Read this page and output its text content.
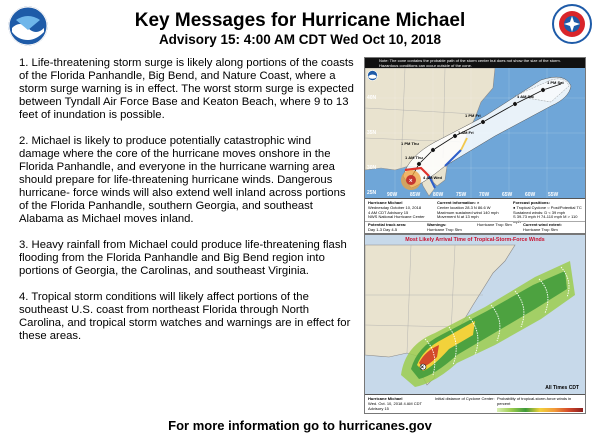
Key Messages for Hurricane Michael
Advisory 15: 4:00 AM CDT Wed Oct 10, 2018

1. Life-threatening storm surge is likely along portions of the coasts of the Florida Panhandle, Big Bend, and Nature Coast, where a storm surge warning is in effect. The worst storm surge is expected between Tyndall Air Force Base and Keaton Beach, where 9 to 13 feet of inundation is possible.

2. Michael is likely to produce potentially catastrophic wind damage where the core of the hurricane moves onshore in the Florida Panhandle, and everyone in the hurricane warning area should prepare for life-threatening hurricane winds. Dangerous hurricane- force winds will also extend well inland across portions of the Florida Panhandle, southern Georgia, and southeast Alabama as Michael moves inland.

3. Heavy rainfall from Michael could produce life-threatening flash flooding from the Florida Panhandle and Big Bend region into portions of Georgia, the Carolinas, and southeast Virginia.

4. Tropical storm conditions will likely affect portions of the southeast U.S. coast from northeast Florida through North Carolina, and tropical storm watches and warnings are in effect for these areas.

×
Note: The cone contains the probable path of the storm center but does not show the size of the storm. Hazardous conditions can occur outside of the cone.
40N
35N
30N
25N 90W	85W	80W	75W	70W	65W	60W	55W
1 PM Sat
1 AM Sat
1 PM Fri
1 AM Fri
1 PM Thu
1 AM Thu
4 AM Wed
Hurricane Michael
Wednesday October 10, 2018
4 AM CDT Advisory 15
NWS National Hurricane Center
Current information: ×
Center location 28.3 N 86.6 W
Maximum sustained wind 140 mph
Movement N at 13 mph
Forecast positions:
● Tropical Cyclone ○ Post/Potential TC
Sustained winds: D < 39 mph
S 39-73 mph H 74-110 mph M > 110 mph
Potential track area:
Day 1-3 Day 4-5
Warnings:
Hurricane Trop Stm
Hurricane Trop Stm	Current wind extent:
Hurricane Trop Stm
×
Most Likely Arrival Time of Tropical-Storm-Force Winds
All Times CDT
Hurricane Michael
Wed. Oct. 10, 2018 4 AM CDT
Advisory 15
Initial distance of Cyclone Center: Probability of tropical-storm-force winds in percent
For more information go to hurricanes.gov
